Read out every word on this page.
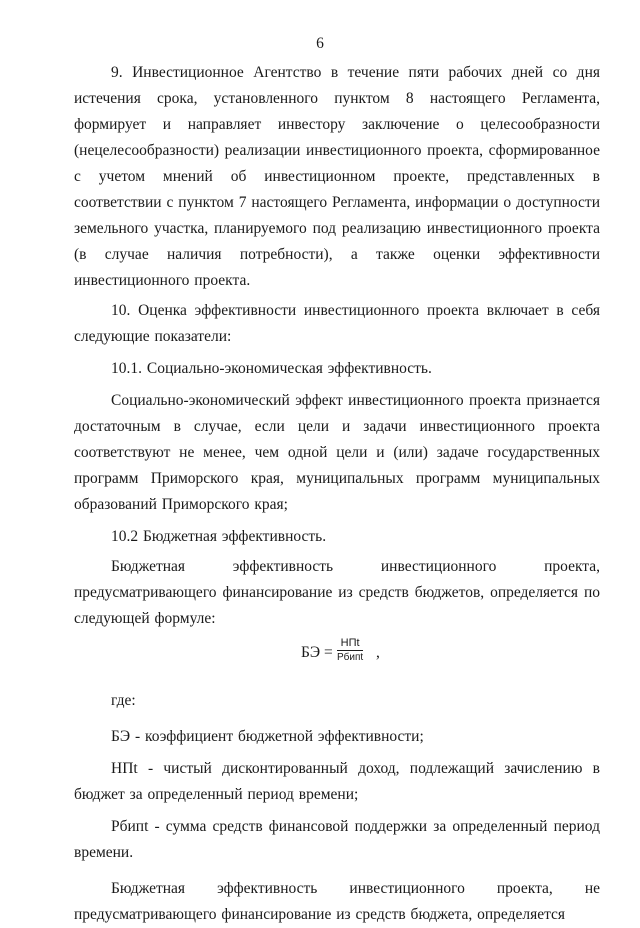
6

9. Инвестиционное Агентство в течение пяти рабочих дней со дня истечения срока, установленного пунктом 8 настоящего Регламента, формирует и направляет инвестору заключение о целесообразности (нецелесообразности) реализации инвестиционного проекта, сформированное с учетом мнений об инвестиционном проекте, представленных в соответствии с пунктом 7 настоящего Регламента, информации о доступности земельного участка, планируемого под реализацию инвестиционного проекта (в случае наличия потребности), а также оценки эффективности инвестиционного проекта.

10. Оценка эффективности инвестиционного проекта включает в себя следующие показатели:

10.1. Социально-экономическая эффективность.

Социально-экономический эффект инвестиционного проекта признается достаточным в случае, если цели и задачи инвестиционного проекта соответствуют не менее, чем одной цели и (или) задаче государственных программ Приморского края, муниципальных программ муниципальных образований Приморского края;

10.2 Бюджетная эффективность.

Бюджетная эффективность инвестиционного проекта, предусматривающего финансирование из средств бюджетов, определяется по следующей формуле:

БЭ =
НПt
Рбипt ,

где:

БЭ - коэффициент бюджетной эффективности;

НПt - чистый дисконтированный доход, подлежащий зачислению в бюджет за определенный период времени;

Рбипt - сумма средств финансовой поддержки за определенный период времени.

Бюджетная эффективность инвестиционного проекта, не предусматривающего финансирование из средств бюджета, определяется
